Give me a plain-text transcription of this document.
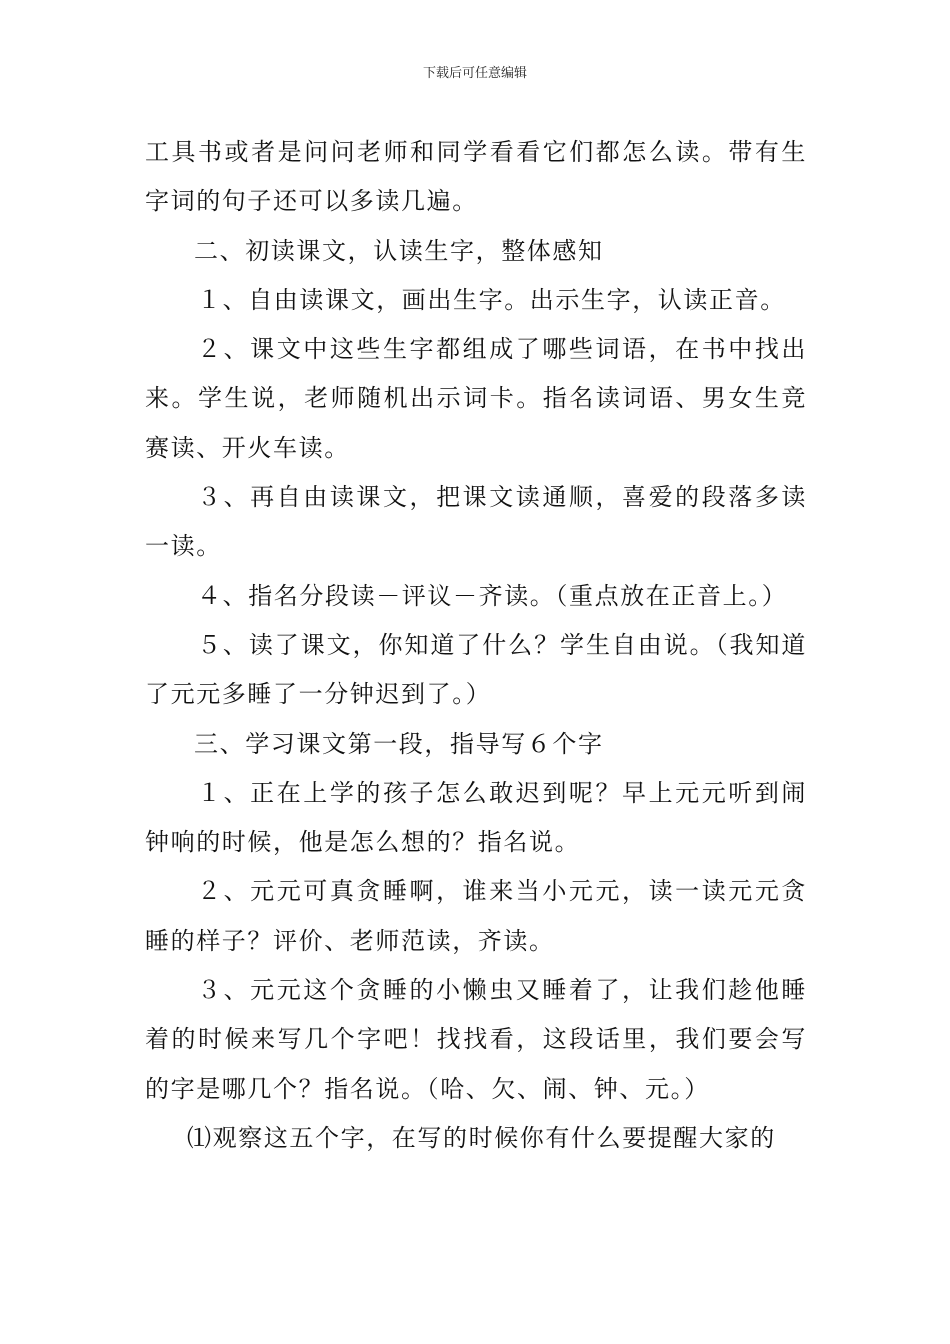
下载后可任意编辑

工具书或者是问问老师和同学看看它们都怎么读。带有生字词的句子还可以多读几遍。

二、初读课文，认读生字，整体感知

１、自由读课文，画出生字。出示生字，认读正音。

２、课文中这些生字都组成了哪些词语，在书中找出来。学生说，老师随机出示词卡。指名读词语、男女生竞赛读、开火车读。

３、再自由读课文，把课文读通顺，喜爱的段落多读一读。

４、指名分段读－评议－齐读。（重点放在正音上。）

５、读了课文，你知道了什么？学生自由说。（我知道了元元多睡了一分钟迟到了。）

三、学习课文第一段，指导写６个字

１、正在上学的孩子怎么敢迟到呢？早上元元听到闹钟响的时候，他是怎么想的？指名说。

２、元元可真贪睡啊，谁来当小元元，读一读元元贪睡的样子？评价、老师范读，齐读。

３、元元这个贪睡的小懒虫又睡着了，让我们趁他睡着的时候来写几个字吧！找找看，这段话里，我们要会写的字是哪几个？指名说。（哈、欠、闹、钟、元。）

⑴观察这五个字，在写的时候你有什么要提醒大家的
